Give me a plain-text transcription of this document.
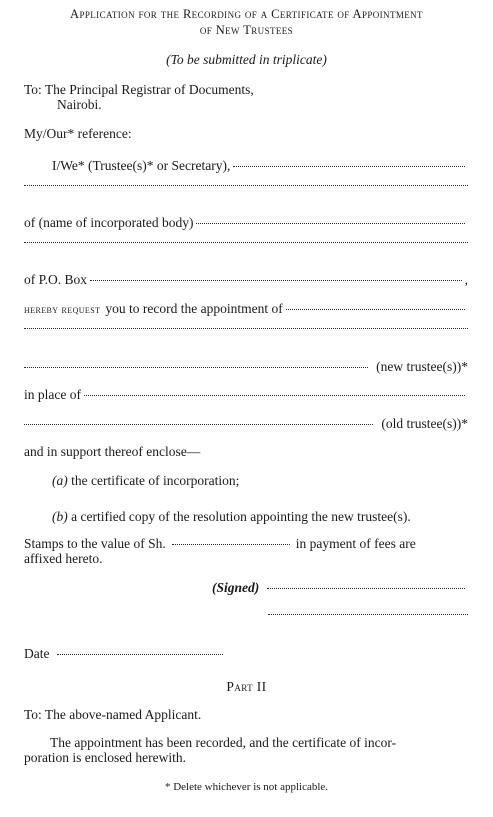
Application for the Recording of a Certificate of Appointment
of New Trustees
(To be submitted in triplicate)
To: The Principal Registrar of Documents,
Nairobi.
My/Our* reference:
I/We* (Trustee(s)* or Secretary),
of (name of incorporated body)
of P.O. Box	,
hereby request you to record the appointment of
(new trustee(s))*
in place of
(old trustee(s))*
and in support thereof enclose—
(a) the certificate of incorporation;
(b) a certified copy of the resolution appointing the new trustee(s).
Stamps to the value of Sh.	in payment of fees are
affixed hereto.
(Signed)
Date
Part II
To: The above-named Applicant.
The appointment has been recorded, and the certificate of incor-
poration is enclosed herewith.
* Delete whichever is not applicable.
